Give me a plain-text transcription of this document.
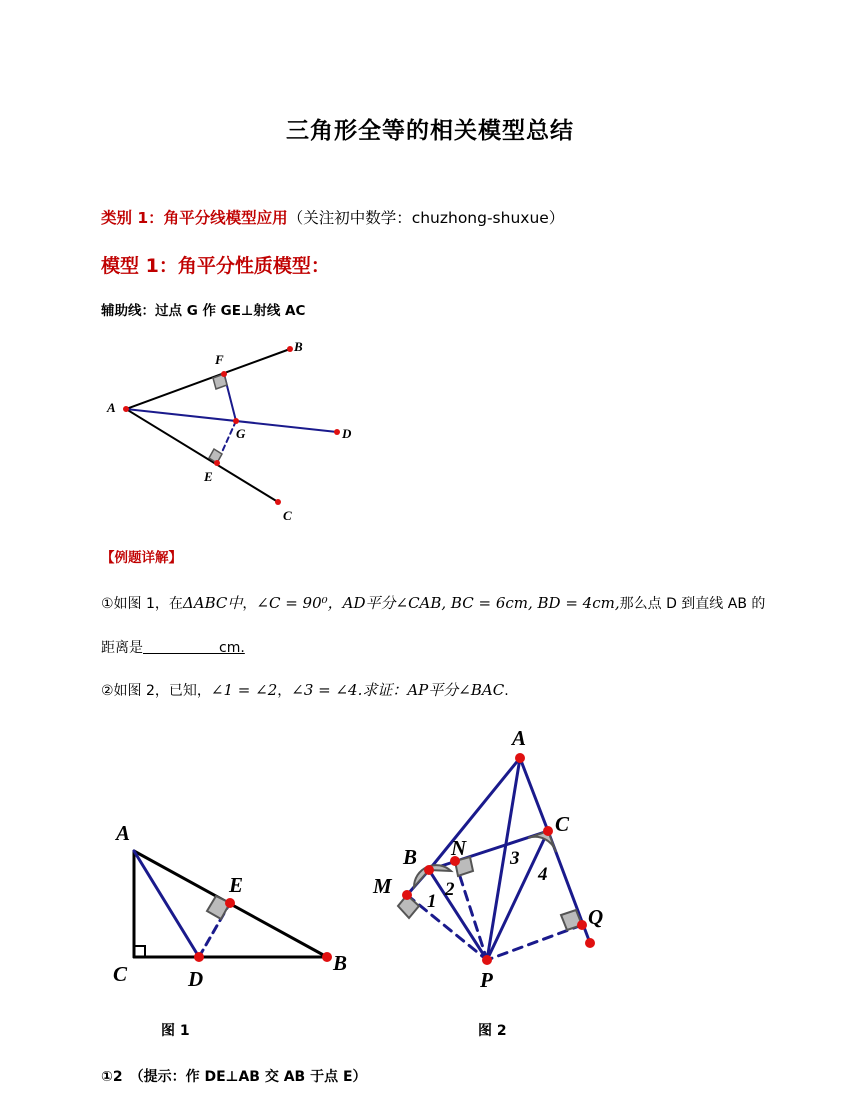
三角形全等的相关模型总结
类别 1：角平分线模型应用（关注初中数学：chuzhong-shuxue）
模型 1：角平分性质模型：
辅助线：过点 G 作 GE⊥射线 AC
A
B
C
D
F
G
E
【例题详解】
①如图 1，在ΔABC中，∠C = 90⁰，AD平分∠CAB, BC = 6cm, BD = 4cm,那么点 D 到直线 AB 的
距离是	cm.
②如图 2，已知，∠1 = ∠2，∠3 = ∠4.求证：AP平分∠BAC.
A
C	D
B
E
A
B
C
M
N
P
Q
1
2
3
4
图 1	图 2
①2　（提示：作 DE⊥AB 交 AB 于点 E）
